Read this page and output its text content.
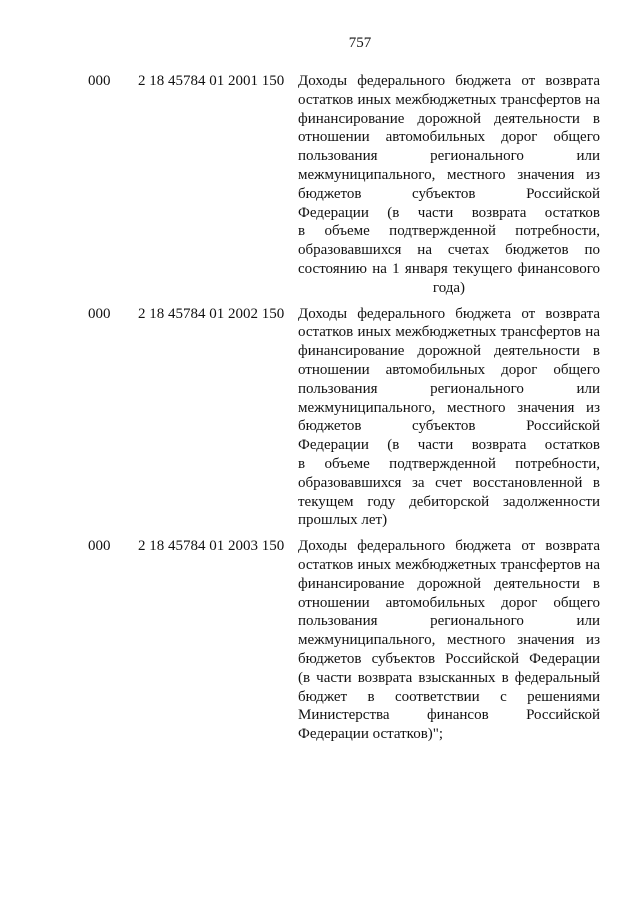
757
000 2 18 45784 01 2001 150 Доходы федерального бюджета от возврата
остатков иных межбюджетных трансфертов на
финансирование дорожной деятельности в
отношении автомобильных дорог общего
пользования регионального или
межмуниципального, местного значения из
бюджетов субъектов Российской
Федерации (в части возврата остатков
в объеме подтвержденной потребности,
образовавшихся на счетах бюджетов по
состоянию на 1 января текущего финансового
года)
000 2 18 45784 01 2002 150 Доходы федерального бюджета от возврата
остатков иных межбюджетных трансфертов на
финансирование дорожной деятельности в
отношении автомобильных дорог общего
пользования регионального или
межмуниципального, местного значения из
бюджетов субъектов Российской
Федерации (в части возврата остатков
в объеме подтвержденной потребности,
образовавшихся за счет восстановленной в
текущем году дебиторской задолженности
прошлых лет)
000 2 18 45784 01 2003 150 Доходы федерального бюджета от возврата
остатков иных межбюджетных трансфертов на
финансирование дорожной деятельности в
отношении автомобильных дорог общего
пользования регионального или
межмуниципального, местного значения из
бюджетов субъектов Российской Федерации
(в части возврата взысканных в федеральный
бюджет в соответствии с решениями
Министерства финансов Российской
Федерации остатков)";
